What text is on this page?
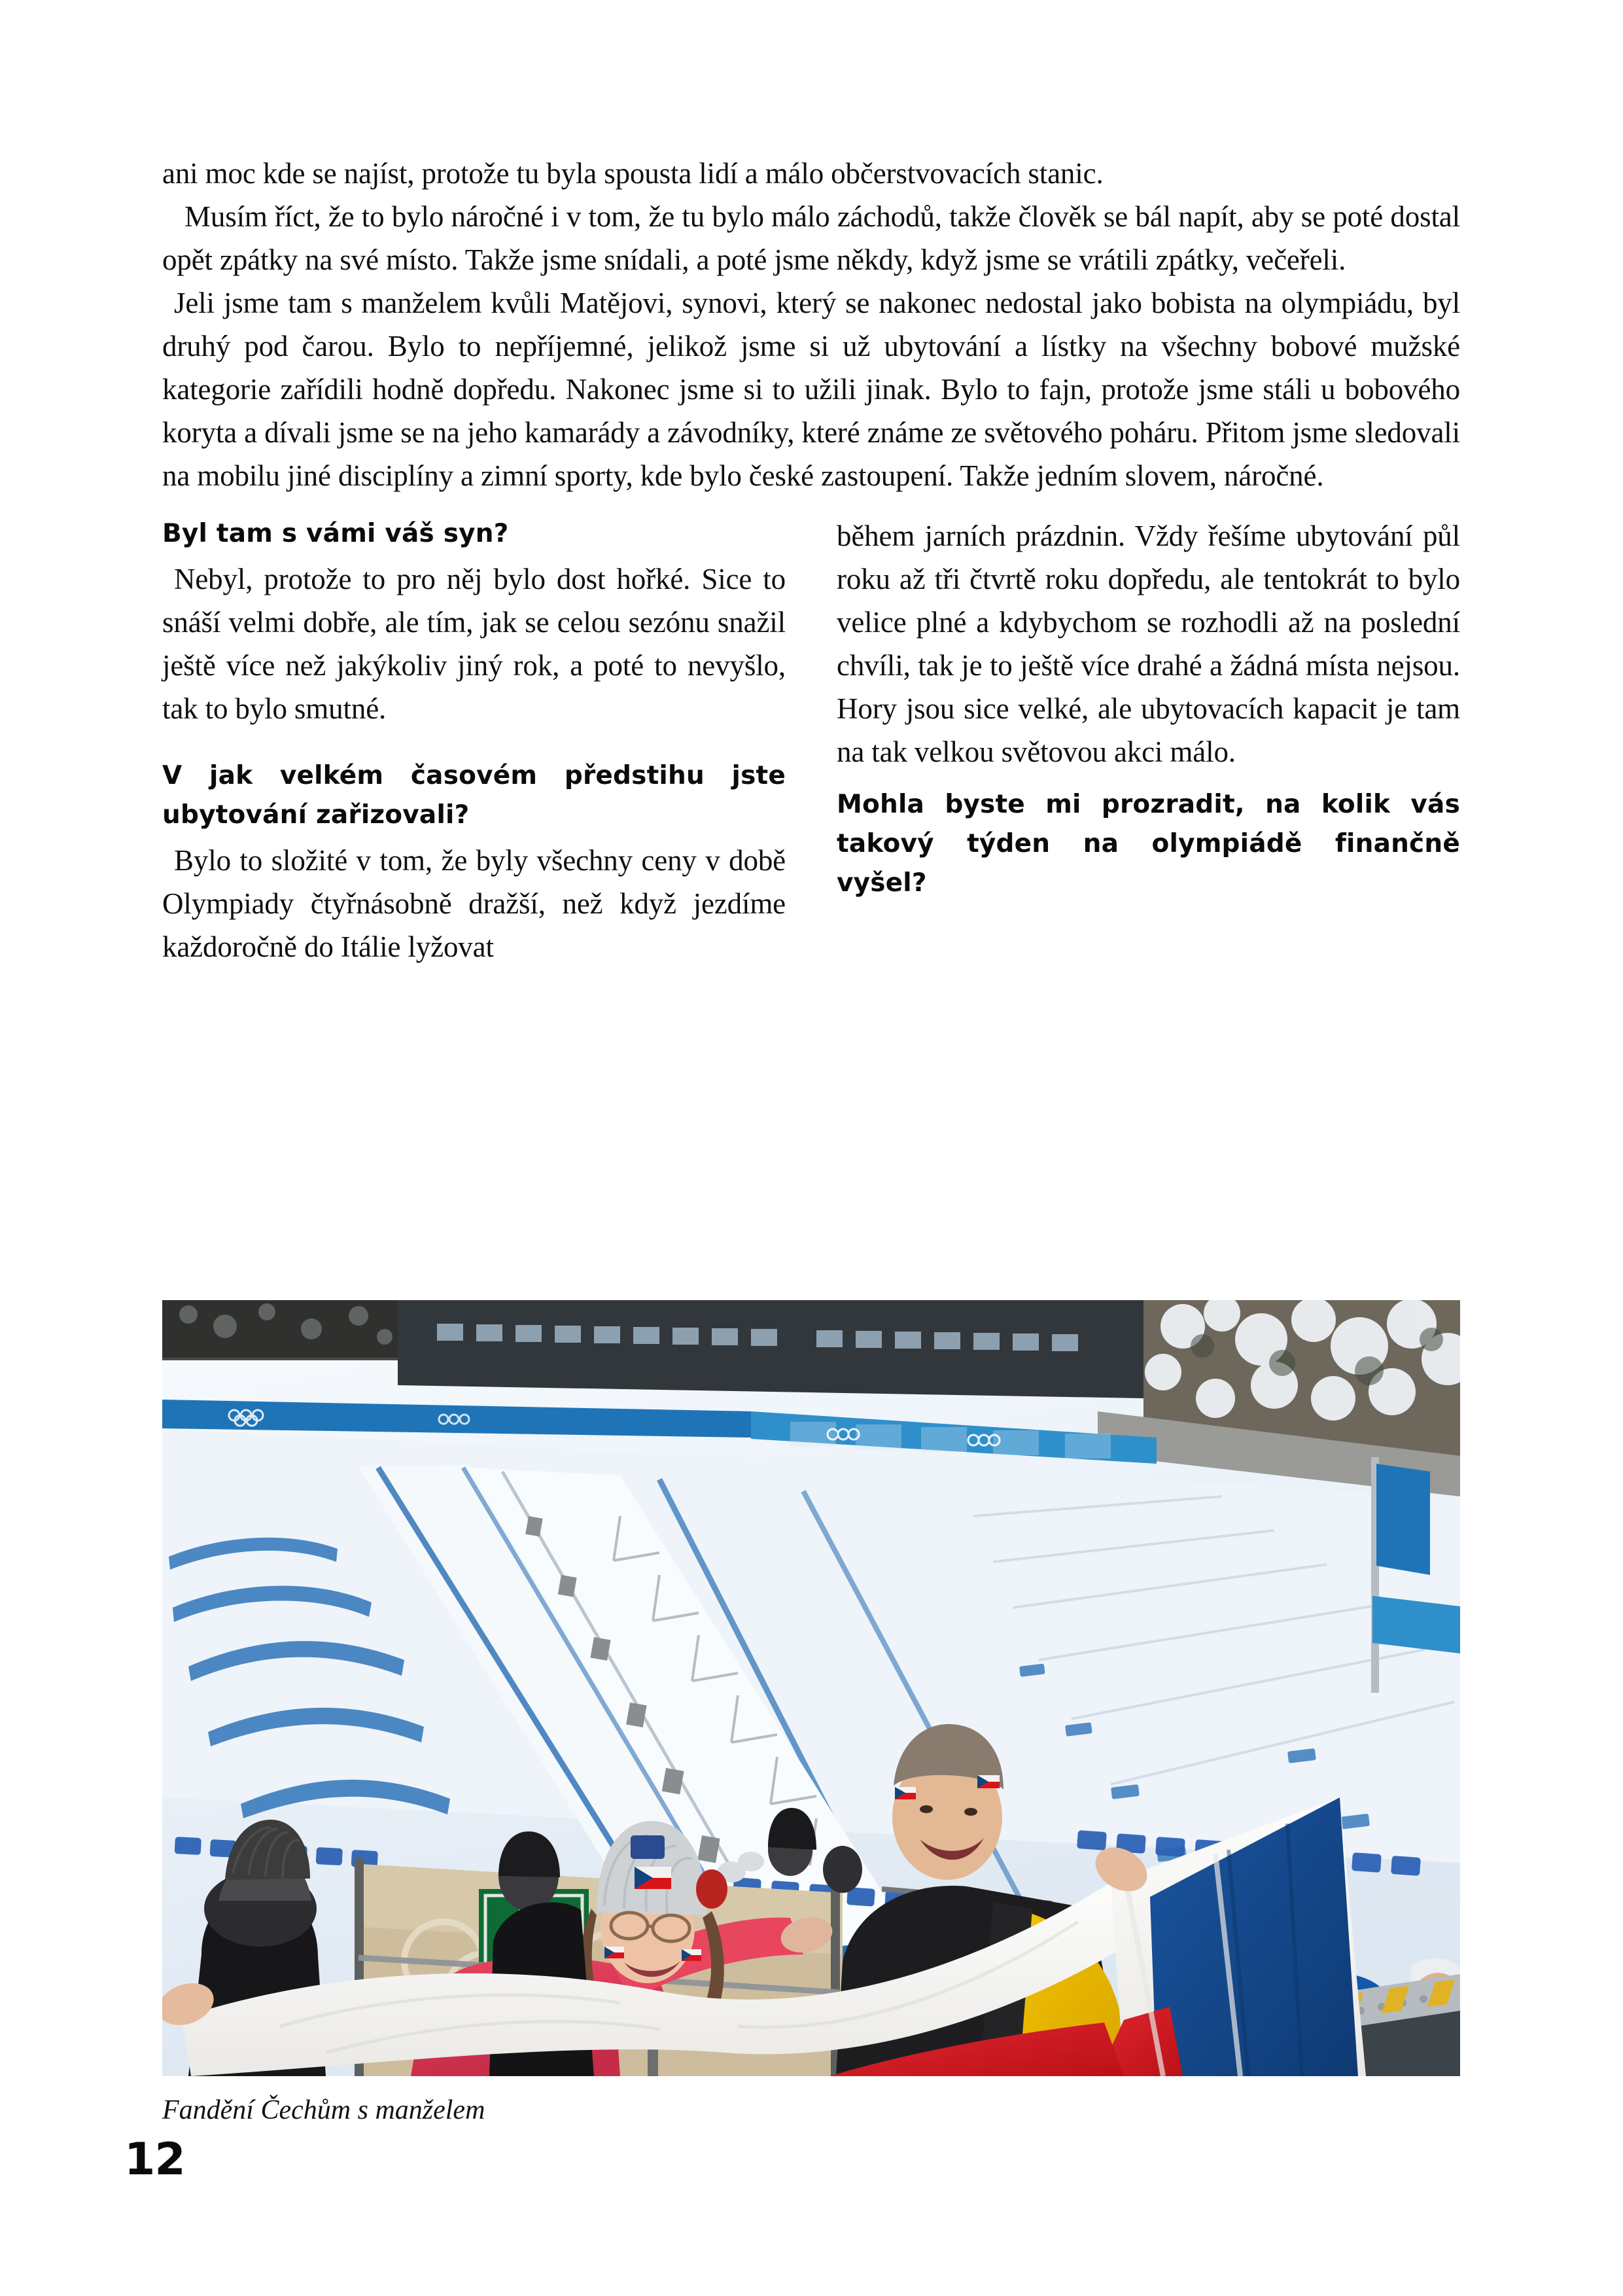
ani moc kde se najíst, protože tu byla spousta lidí a málo občerstvovacích stanic.

Musím říct, že to bylo náročné i v tom, že tu bylo málo záchodů, takže člověk se bál napít, aby se poté dostal opět zpátky na své místo. Takže jsme snídali, a poté jsme někdy, když jsme se vrátili zpátky, večeřeli.

Jeli jsme tam s manželem kvůli Matějovi, synovi, který se nakonec nedostal jako bobista na olympiádu, byl druhý pod čarou. Bylo to nepříjemné, jelikož jsme si už ubytování a lístky na všechny bobové mužské kategorie zařídili hodně dopředu. Nakonec jsme si to užili jinak. Bylo to fajn, protože jsme stáli u bobového koryta a dívali jsme se na jeho kamarády a závodníky, které známe ze světového poháru. Přitom jsme sledovali na mobilu jiné disciplíny a zimní sporty, kde bylo české zastoupení. Takže jedním slovem, náročné.

Byl tam s vámi váš syn?

Nebyl, protože to pro něj bylo dost hořké. Sice to snáší velmi dobře, ale tím, jak se celou sezónu snažil ještě více než jakýkoliv jiný rok, a poté to nevyšlo, tak to bylo smutné.

V jak velkém časovém předstihu jste ubytování zařizovali?

Bylo to složité v tom, že byly všechny ceny v době Olympiady čtyřnásobně dražší, než když jezdíme každoročně do Itálie lyžovat

během jarních prázdnin. Vždy řešíme ubytování půl roku až tři čtvrtě roku dopředu, ale tentokrát to bylo velice plné a kdybychom se rozhodli až na poslední chvíli, tak je to ještě více drahé a žádná místa nejsou. Hory jsou sice velké, ale ubytovacích kapacit je tam na tak velkou světovou akci málo.

Mohla byste mi prozradit, na kolik vás takový týden na olympiádě finančně vyšel?

Fandění Čechům s manželem
12
